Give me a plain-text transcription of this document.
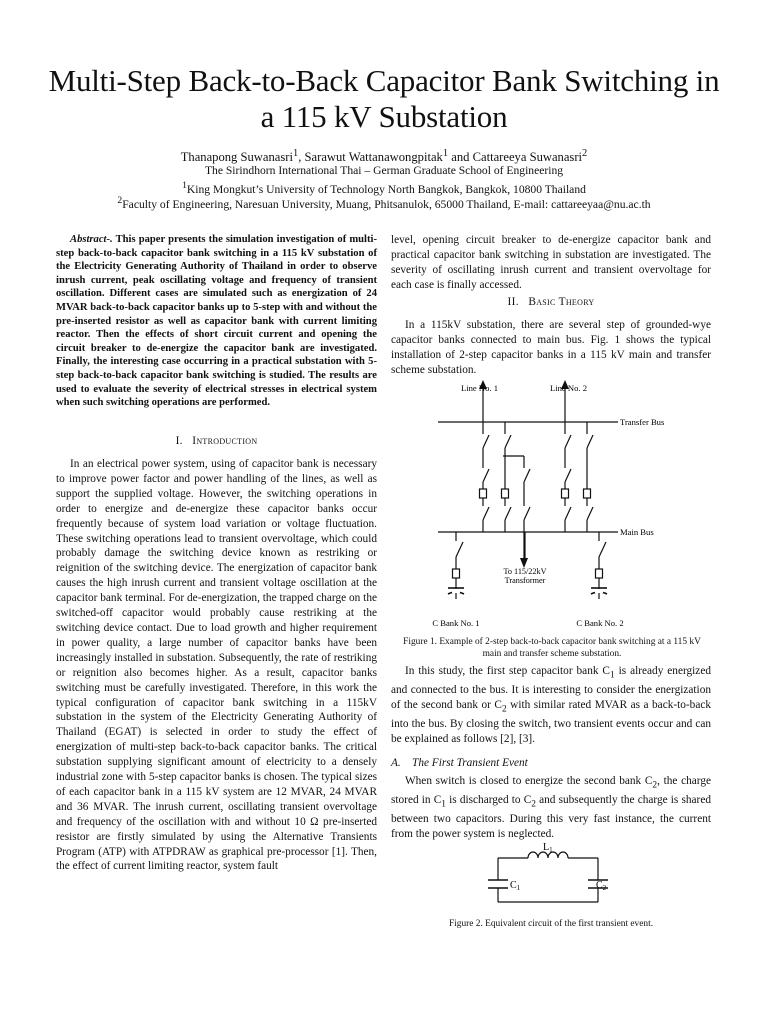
Multi-Step Back-to-Back Capacitor Bank Switching in a 115 kV Substation
Thanapong Suwanasri$^1$, Sarawut Wattanawongpitak$^1$ and Cattareeya Suwanasri$^2$
The Sirindhorn International Thai – German Graduate School of Engineering
$^1$King Mongkut’s University of Technology North Bangkok, Bangkok, 10800 Thailand
$^2$Faculty of Engineering, Naresuan University, Muang, Phitsanulok, 65000 Thailand, E-mail: cattareeyaa@nu.ac.th

Abstract-. This paper presents the simulation investigation of multi-step back-to-back capacitor bank switching in a 115 kV substation of the Electricity Generating Authority of Thailand in order to observe inrush current, peak oscillating voltage and frequency of transient oscillation. Different cases are simulated such as energization of 24 MVAR back-to-back capacitor banks up to 5-step with and without the pre-inserted resistor as well as capacitor bank with current limiting reactor. Then the effects of short circuit current and opening the circuit breaker to de-energize the capacitor bank are investigated. Finally, the interesting case occurring in a practical substation with 5-step back-to-back capacitor bank switching is studied. The results are used to evaluate the severity of electrical stresses in electrical system when such switching operations are performed.

I. Introduction

In an electrical power system, using of capacitor bank is necessary to improve power factor and power handling of the lines, as well as support the supplied voltage. However, the switching operations in order to energize and de-energize these capacitor banks occur frequently because of system load variation or voltage fluctuation. These switching operations lead to transient overvoltage, which could probably damage the switching device known as restriking or reignition of the switching device. The energization of capacitor bank causes the high inrush current and transient voltage oscillation at the capacitor bank terminal. For de-energization, the trapped charge on the switched-off capacitor would probably cause restriking at the switching device contact. Due to load growth and higher requirement in power quality, a large number of capacitor banks have been increasingly installed in substation. Subsequently, the rate of restriking or reignition also becomes higher. As a result, capacitor banks switching must be carefully investigated. Therefore, in this work the typical configuration of capacitor bank switching in a 115kV substation in the system of the Electricity Generating Authority of Thailand (EGAT) is selected in order to study the effect of energization of multi-step back-to-back capacitor banks. The critical substation supplying significant amount of electricity to a densely industrial zone with 5-step capacitor banks is chosen. The typical sizes of each capacitor bank in a 115 kV system are 12 MVAR, 24 MVAR and 36 MVAR. The inrush current, oscillating transient overvoltage and frequency of the oscillation with and without 10 Ω pre-inserted resistor are firstly simulated by using the Alternative Transients Program (ATP) with ATPDRAW as graphical pre-processor [1]. Then, the effect of current limiting reactor, system fault

level, opening circuit breaker to de-energize capacitor bank and practical capacitor bank switching in substation are investigated. The severity of oscillating inrush current and transient overvoltage for each case is finally accessed.

II. Basic Theory

In a 115kV substation, there are several step of grounded-wye capacitor banks connected to main bus. Fig. 1 shows the typical installation of 2-step capacitor banks in a 115 kV main and transfer scheme substation.

Line No. 1	Line No. 2
Transfer Bus
Main Bus
To 115/22kV
Transformer
C Bank No. 1	C Bank No. 2
Figure 1. Example of 2-step back-to-back capacitor bank switching at a 115 kV main and transfer scheme substation.

In this study, the first step capacitor bank $C_1$ is already energized and connected to the bus. It is interesting to consider the energization of the second bank or $C_2$ with similar rated MVAR as a back-to-back into the bus. By closing the switch, two transient events occur and can be explained as follows [2], [3].

A. The First Transient Event

When switch is closed to energize the second bank $C_2$, the charge stored in $C_1$ is discharged to $C_2$ and subsequently the charge is shared between two capacitors. During this very fast instance, the current from the power system is neglected.

$L_1$
$C_1$	$C_2$
Figure 2. Equivalent circuit of the first transient event.
